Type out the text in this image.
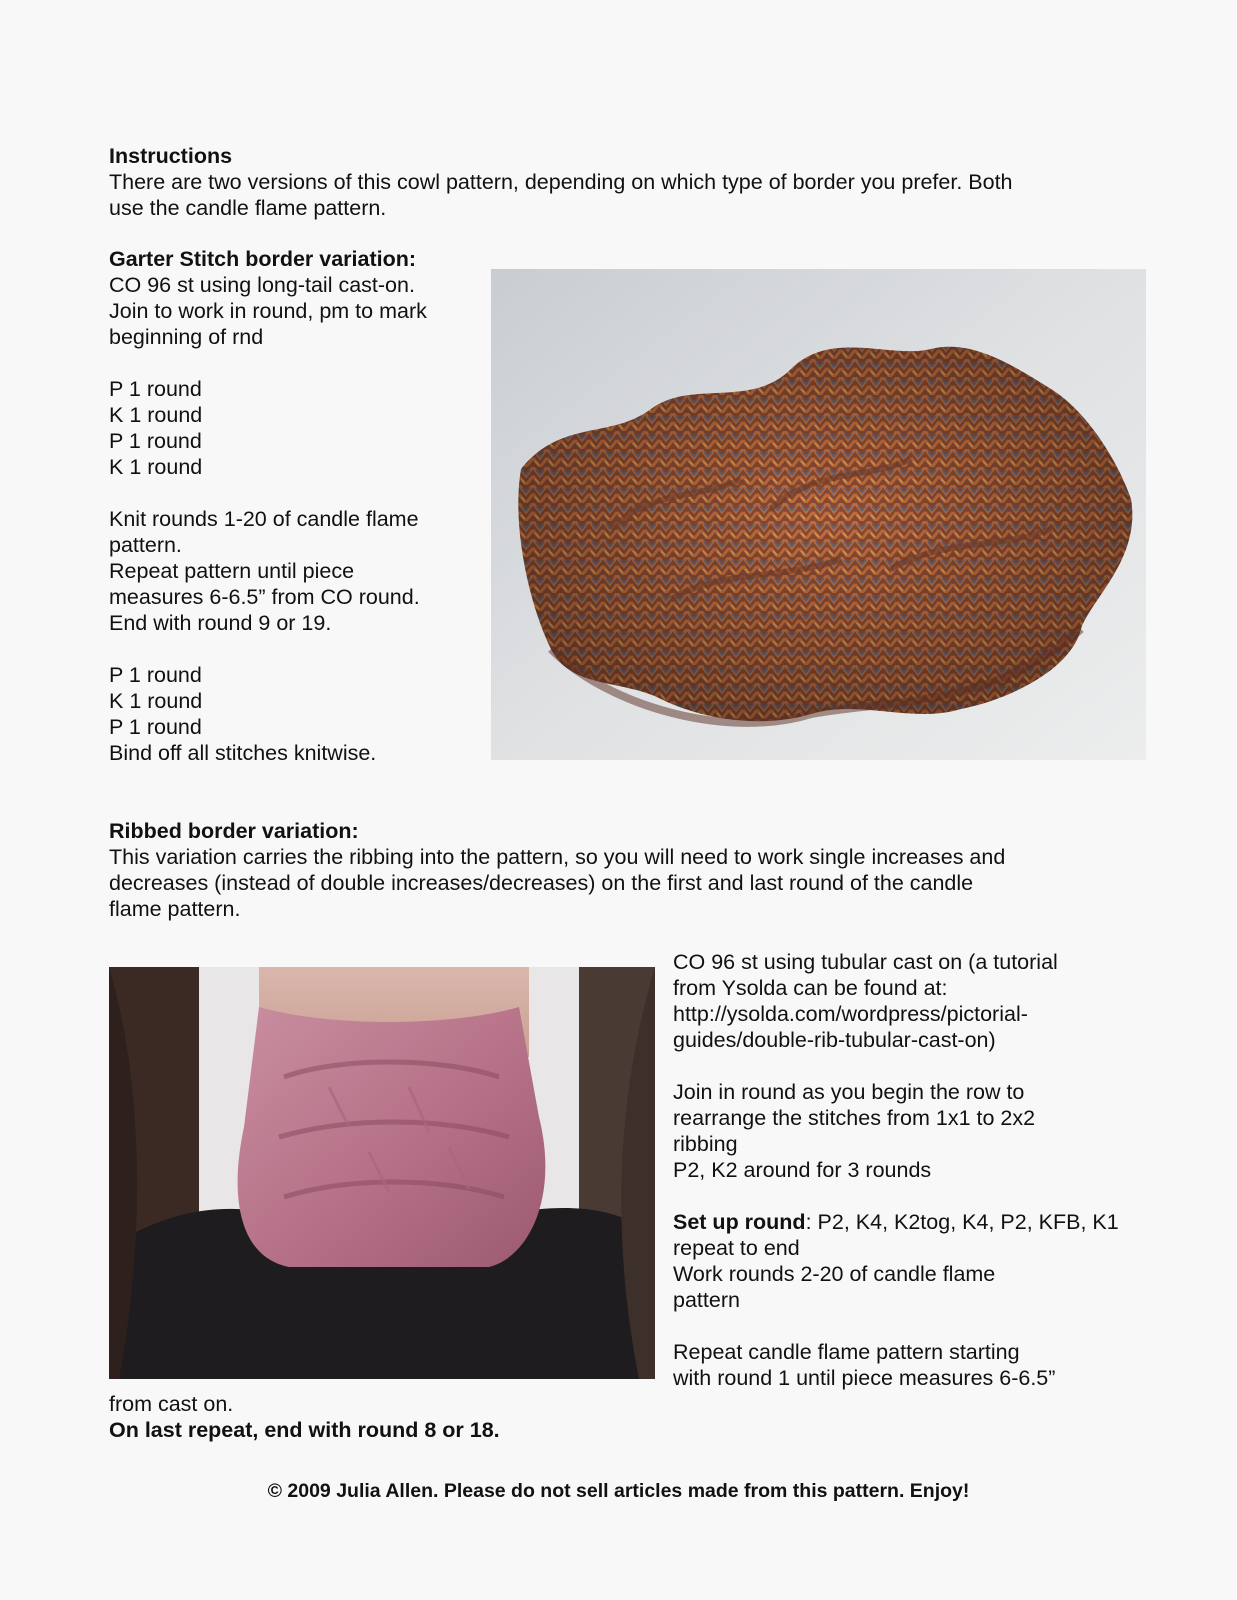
Instructions
There are two versions of this cowl pattern, depending on which type of border you prefer. Both
use the candle flame pattern.
Garter Stitch border variation:
CO 96 st using long-tail cast-on.
Join to work in round, pm to mark
beginning of rnd
P 1 round
K 1 round
P 1 round
K 1 round
Knit rounds 1-20 of candle flame
pattern.
Repeat pattern until piece
measures 6-6.5” from CO round.
End with round 9 or 19.
P 1 round
K 1 round
P 1 round
Bind off all stitches knitwise.
Ribbed border variation:
This variation carries the ribbing into the pattern, so you will need to work single increases and
decreases (instead of double increases/decreases) on the first and last round of the candle
flame pattern.
CO 96 st using tubular cast on (a tutorial
from Ysolda can be found at:
http://ysolda.com/wordpress/pictorial-
guides/double-rib-tubular-cast-on)
Join in round as you begin the row to
rearrange the stitches from 1x1 to 2x2
ribbing
P2, K2 around for 3 rounds
Set up round: P2, K4, K2tog, K4, P2, KFB, K1
repeat to end
Work rounds 2-20 of candle flame
pattern
Repeat candle flame pattern starting
with round 1 until piece measures 6-6.5”
from cast on.
On last repeat, end with round 8 or 18.
© 2009 Julia Allen. Please do not sell articles made from this pattern. Enjoy!
